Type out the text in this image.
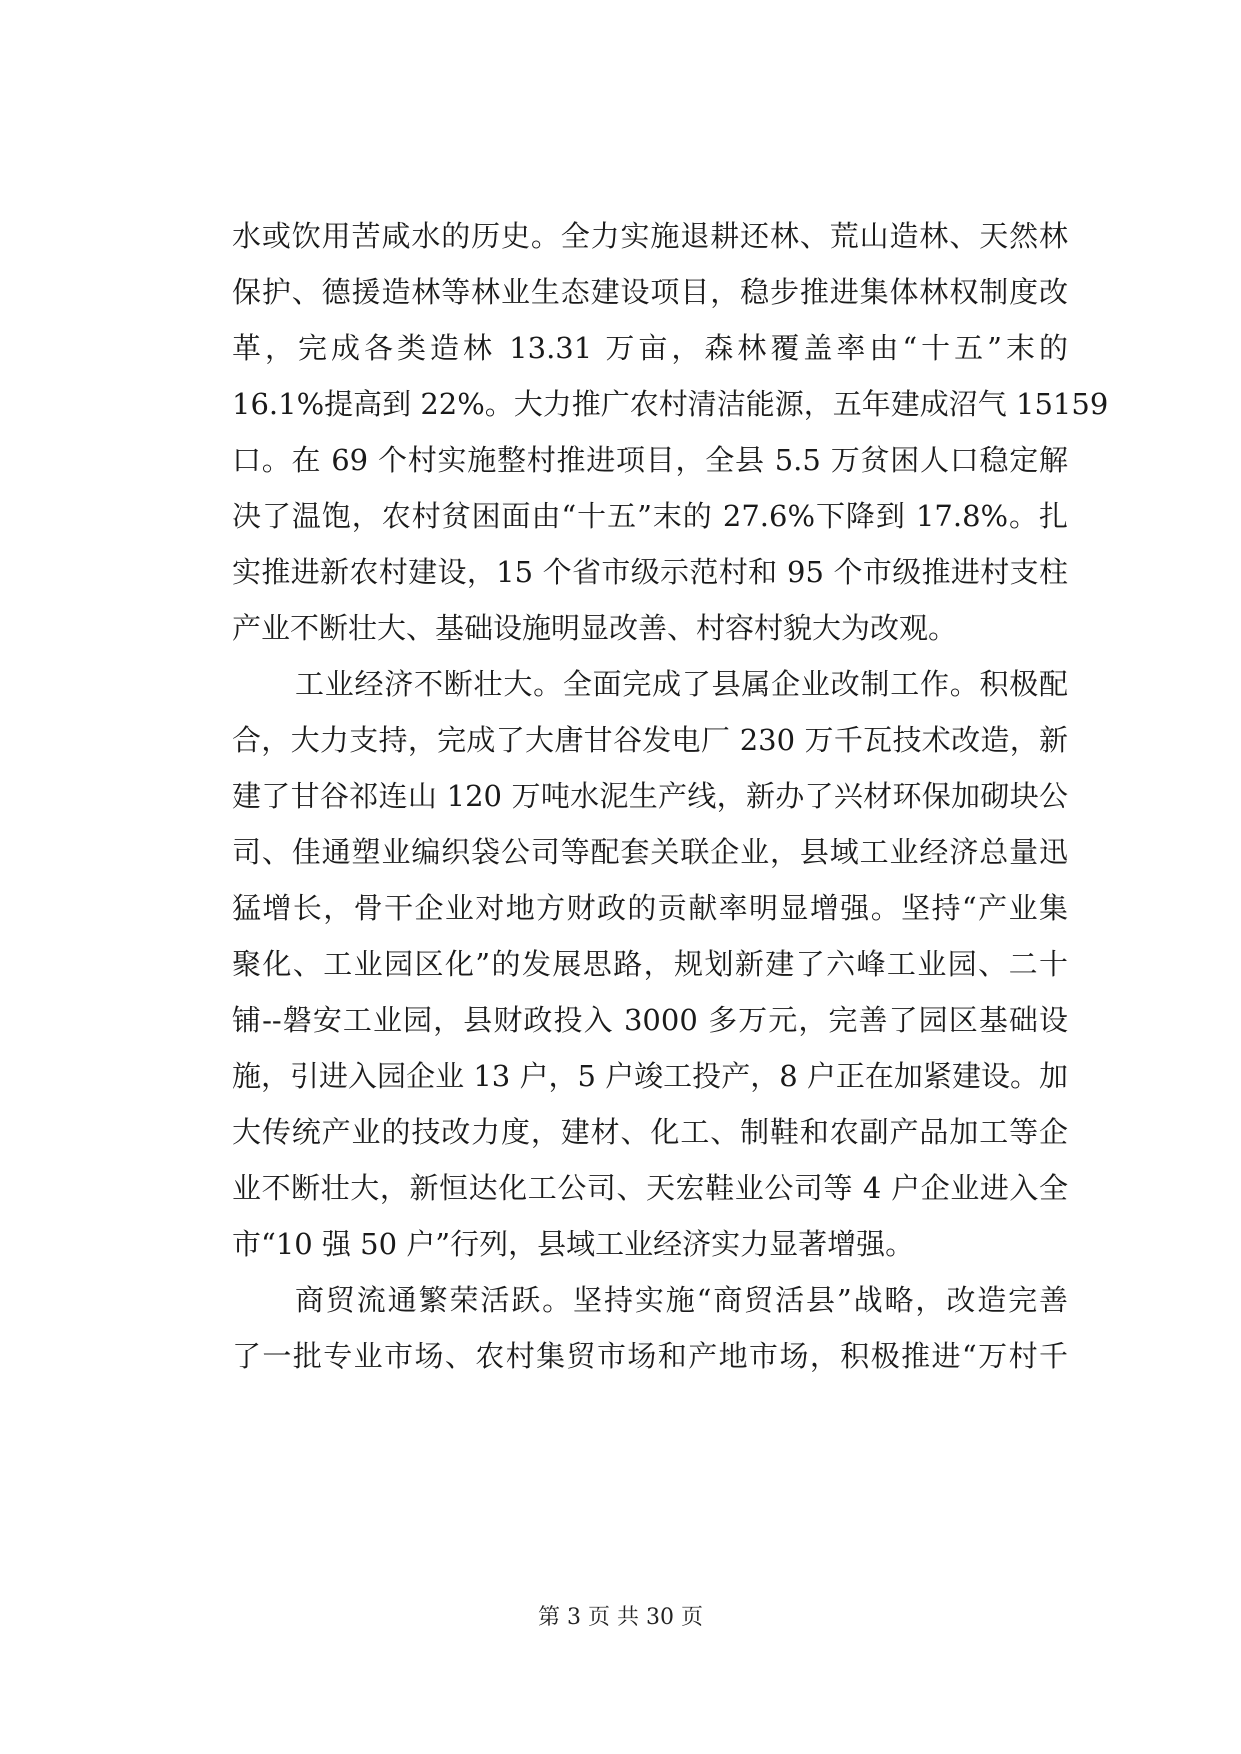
水或饮用苦咸水的历史。全力实施退耕还林、荒山造林、天然林
保护、德援造林等林业生态建设项目，稳步推进集体林权制度改
革，完成各类造林 13.31 万亩，森林覆盖率由“十五”末的
16.1%提高到 22%。大力推广农村清洁能源，五年建成沼气 15159
口。在 69 个村实施整村推进项目，全县 5.5 万贫困人口稳定解
决了温饱，农村贫困面由“十五”末的 27.6%下降到 17.8%。扎
实推进新农村建设，15 个省市级示范村和 95 个市级推进村支柱
产业不断壮大、基础设施明显改善、村容村貌大为改观。
工业经济不断壮大。全面完成了县属企业改制工作。积极配
合，大力支持，完成了大唐甘谷发电厂 230 万千瓦技术改造，新
建了甘谷祁连山 120 万吨水泥生产线，新办了兴材环保加砌块公
司、佳通塑业编织袋公司等配套关联企业，县域工业经济总量迅
猛增长，骨干企业对地方财政的贡献率明显增强。坚持“产业集
聚化、工业园区化”的发展思路，规划新建了六峰工业园、二十
铺--磐安工业园，县财政投入 3000 多万元，完善了园区基础设
施，引进入园企业 13 户，5 户竣工投产，8 户正在加紧建设。加
大传统产业的技改力度，建材、化工、制鞋和农副产品加工等企
业不断壮大，新恒达化工公司、天宏鞋业公司等 4 户企业进入全
市“10 强 50 户”行列，县域工业经济实力显著增强。
商贸流通繁荣活跃。坚持实施“商贸活县”战略，改造完善
了一批专业市场、农村集贸市场和产地市场，积极推进“万村千
第 3 页 共 30 页
